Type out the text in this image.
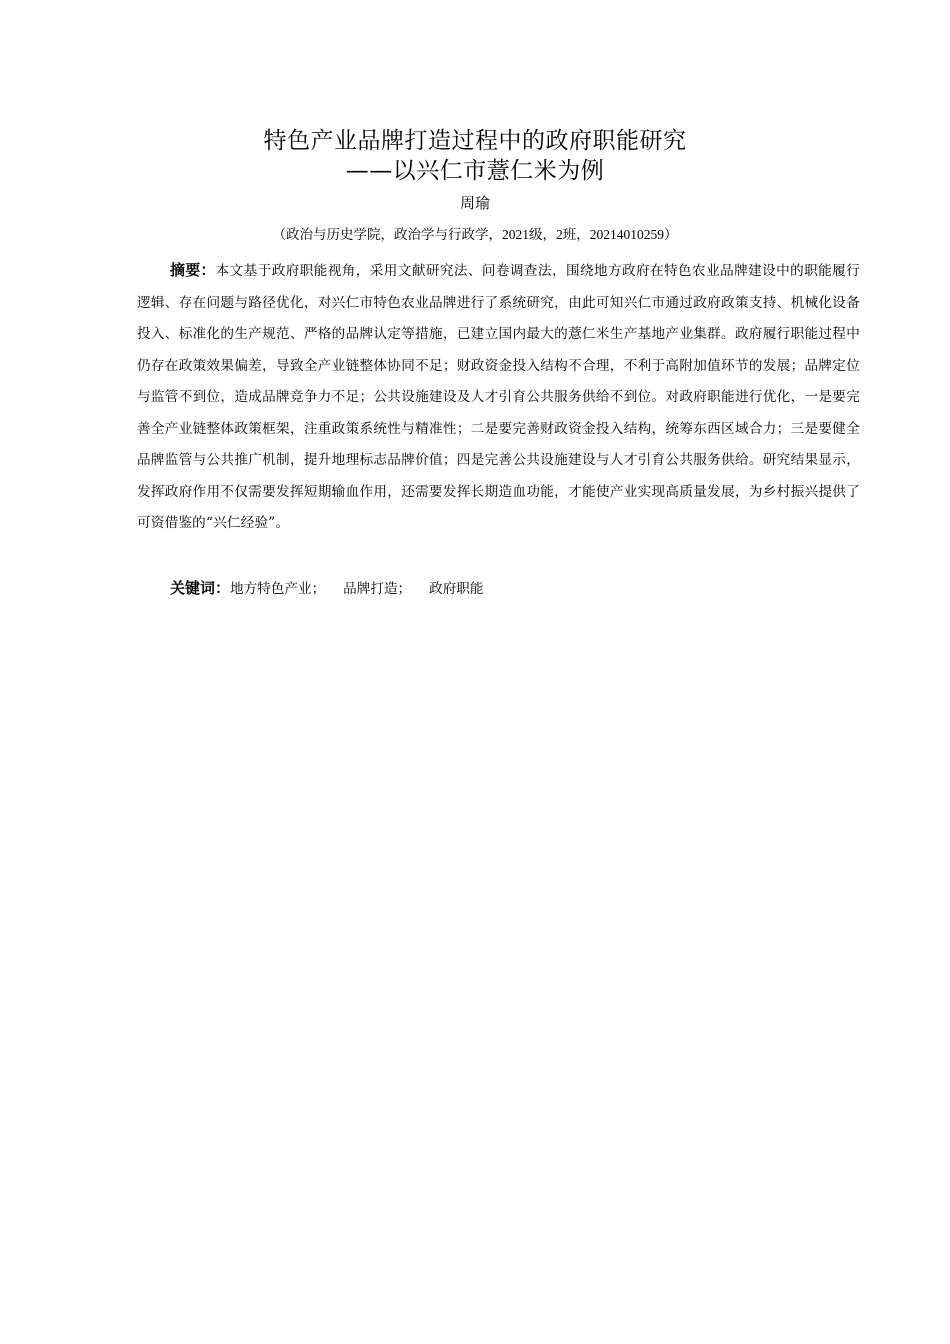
特色产业品牌打造过程中的政府职能研究
——以兴仁市薏仁米为例
周瑜
（政治与历史学院，政治学与行政学，2021级，2班，20214010259）

摘要：本文基于政府职能视角，采用文献研究法、问卷调查法，围绕地方政府在特色农业品牌建设中的职能履行逻辑、存在问题与路径优化，对兴仁市特色农业品牌进行了系统研究，由此可知兴仁市通过政府政策支持、机械化设备投入、标准化的生产规范、严格的品牌认定等措施，已建立国内最大的薏仁米生产基地产业集群。政府履行职能过程中仍存在政策效果偏差，导致全产业链整体协同不足；财政资金投入结构不合理，不利于高附加值环节的发展；品牌定位与监管不到位，造成品牌竞争力不足；公共设施建设及人才引育公共服务供给不到位。对政府职能进行优化，一是要完善全产业链整体政策框架，注重政策系统性与精准性；二是要完善财政资金投入结构，统筹东西区域合力；三是要健全品牌监管与公共推广机制，提升地理标志品牌价值；四是完善公共设施建设与人才引育公共服务供给。研究结果显示，发挥政府作用不仅需要发挥短期输血作用，还需要发挥长期造血功能，才能使产业实现高质量发展，为乡村振兴提供了可资借鉴的“兴仁经验”。

关键词：地方特色产业； 品牌打造； 政府职能
